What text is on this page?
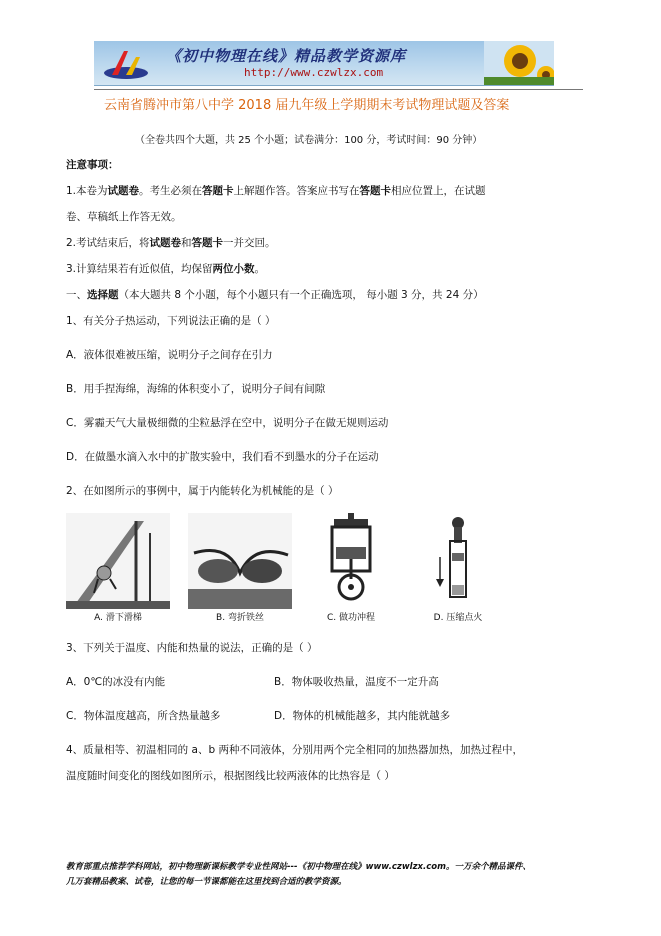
《初中物理在线》精品教学资源库
http://www.czwlzx.com
云南省腾冲市第八中学 2018 届九年级上学期期末考试物理试题及答案
（全卷共四个大题，共 25 个小题；试卷满分：100 分，考试时间：90 分钟）
注意事项：
1.本卷为试题卷。考生必须在答题卡上解题作答。答案应书写在答题卡相应位置上，在试题
卷、草稿纸上作答无效。
2.考试结束后，将试题卷和答题卡一并交回。
3.计算结果若有近似值，均保留两位小数。
一、选择题（本大题共 8 个小题，每个小题只有一个正确选项， 每小题 3 分，共 24 分）
1、有关分子热运动，下列说法正确的是（ ）
A．液体很难被压缩，说明分子之间存在引力
B．用手捏海绵，海绵的体积变小了，说明分子间有间隙
C．雾霾天气大量极细微的尘粒悬浮在空中，说明分子在做无规则运动
D．在做墨水滴入水中的扩散实验中，我们看不到墨水的分子在运动
2、在如图所示的事例中，属于内能转化为机械能的是（ ）
A. 滑下滑梯	B. 弯折铁丝	C. 做功冲程	D. 压缩点火
3、下列关于温度、内能和热量的说法，正确的是（ ）
A．0℃的冰没有内能	B．物体吸收热量，温度不一定升高
C．物体温度越高，所含热量越多	D．物体的机械能越多，其内能就越多
4、质量相等、初温相同的 a、b 两种不同液体，分别用两个完全相同的加热器加热，加热过程中，
温度随时间变化的图线如图所示，根据图线比较两液体的比热容是（ ）
教育部重点推荐学科网站，初中物理新课标教学专业性网站---《初中物理在线》www.czwlzx.com。一万余个精品课件、
几万套精品教案、试卷，让您的每一节课都能在这里找到合适的教学资源。
